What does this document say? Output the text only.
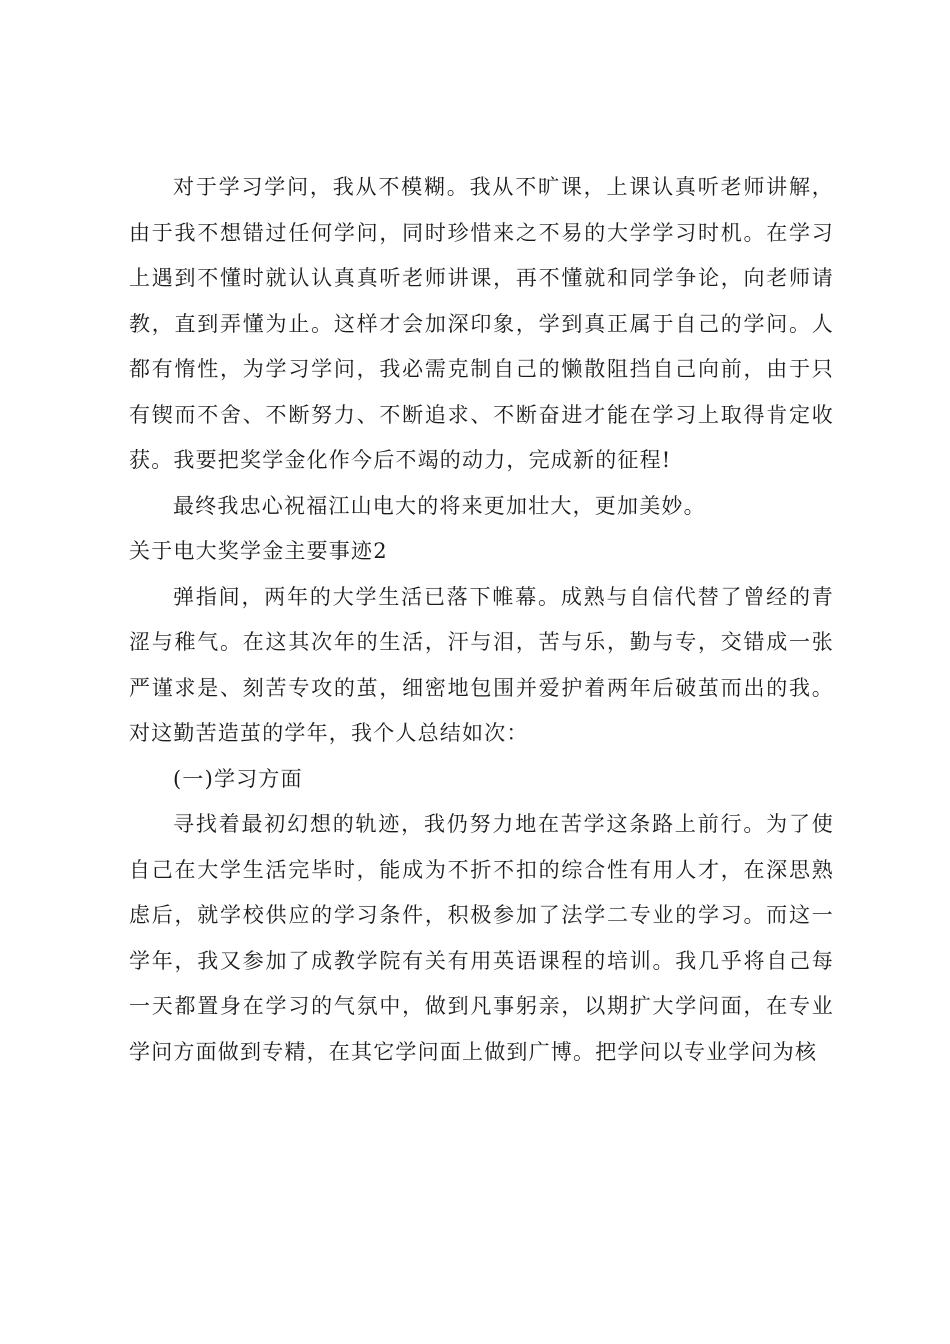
对于学习学问，我从不模糊。我从不旷课，上课认真听老师讲解，由于我不想错过任何学问，同时珍惜来之不易的大学学习时机。在学习上遇到不懂时就认认真真听老师讲课，再不懂就和同学争论，向老师请教，直到弄懂为止。这样才会加深印象，学到真正属于自己的学问。人都有惰性，为学习学问，我必需克制自己的懒散阻挡自己向前，由于只有锲而不舍、不断努力、不断追求、不断奋进才能在学习上取得肯定收获。我要把奖学金化作今后不竭的动力，完成新的征程!

最终我忠心祝福江山电大的将来更加壮大，更加美妙。

关于电大奖学金主要事迹2

弹指间，两年的大学生活已落下帷幕。成熟与自信代替了曾经的青涩与稚气。在这其次年的生活，汗与泪，苦与乐，勤与专，交错成一张严谨求是、刻苦专攻的茧，细密地包围并爱护着两年后破茧而出的我。对这勤苦造茧的学年，我个人总结如次：

(一)学习方面

寻找着最初幻想的轨迹，我仍努力地在苦学这条路上前行。为了使自己在大学生活完毕时，能成为不折不扣的综合性有用人才，在深思熟虑后，就学校供应的学习条件，积极参加了法学二专业的学习。而这一学年，我又参加了成教学院有关有用英语课程的培训。我几乎将自己每一天都置身在学习的气氛中，做到凡事躬亲，以期扩大学问面，在专业学问方面做到专精，在其它学问面上做到广博。把学问以专业学问为核
